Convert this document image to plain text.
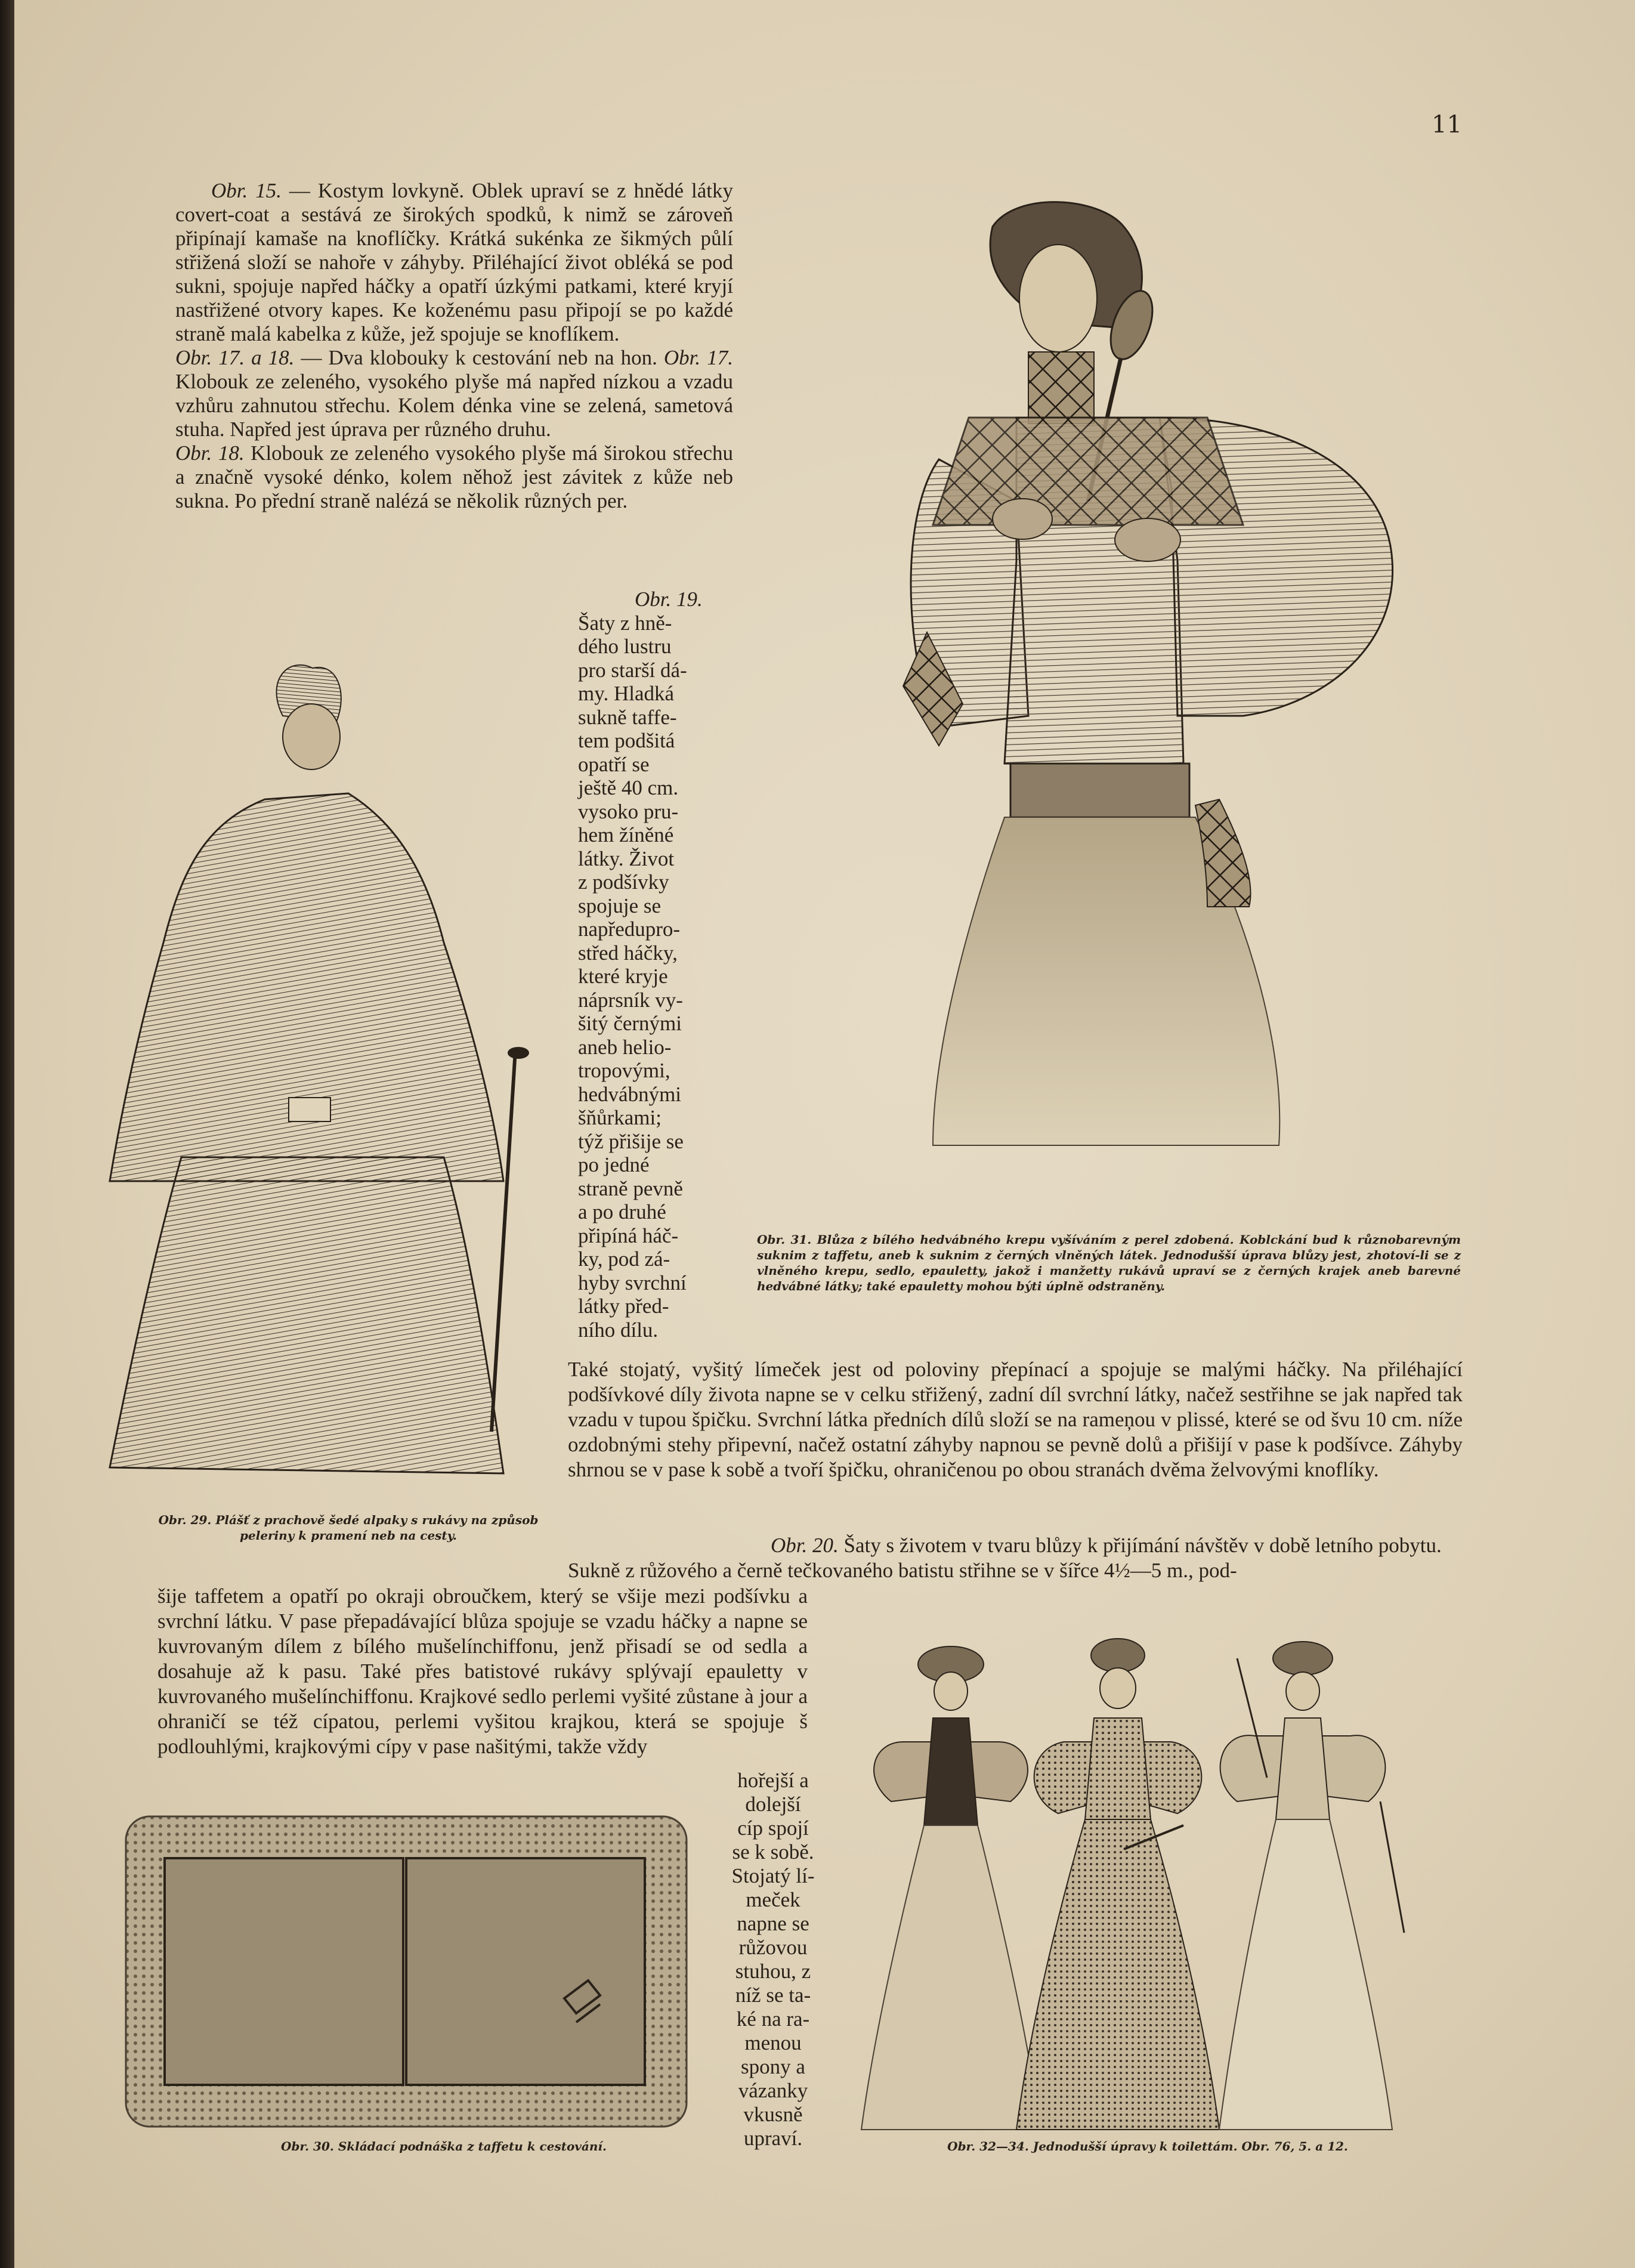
11

Obr. 15. — Kostym lovkyně. Oblek upraví se z hnědé látky covert-coat a sestává ze širokých spodků, k nimž se zároveň připínají kamaše na knoflíčky. Krátká sukénka ze šikmých půlí střižená složí se nahoře v záhyby. Přiléhající život obléká se pod sukni, spojuje napřed háčky a opatří úzkými patkami, které kryjí nastřižené otvory kapes. Ke koženému pasu připojí se po každé straně malá kabelka z kůže, jež spojuje se knoflíkem.

Obr. 17. a 18. — Dva klobouky k cestování neb na hon. Obr. 17. Klobouk ze zeleného, vysokého plyše má napřed nízkou a vzadu vzhůru zahnutou střechu. Kolem dénka vine se zelená, sametová stuha. Napřed jest úprava per různého druhu.

Obr. 18. Klobouk ze zeleného vysokého plyše má širokou střechu a značně vysoké dénko, kolem něhož jest závitek z kůže neb sukna. Po přední straně nalézá se několik různých per.

Obr. 19.
Šaty z hně-
dého lustru
pro starší dá-
my. Hladká
sukně taffe-
tem podšitá
opatří se
ještě 40 cm.
vysoko pru-
hem žíněné
látky. Život
z podšívky
spojuje se
napředupro-
střed háčky,
které kryje
náprsník vy-
šitý černými
aneb helio-
tropovými,
hedvábnými
šňůrkami;
týž přišije se
po jedné
straně pevně
a po druhé
připíná háč-
ky, pod zá-
hyby svrchní
látky před-
ního dílu.
Obr. 29. Plášť z prachově šedé alpaky s rukávy na způsob peleriny k pramení neb na cesty.
Obr. 31. Blůza z bílého hedvábného krepu vyšíváním z perel zdobená. Koblckání bud k různobarevným suknim z taffetu, aneb k suknim z černých vlněných látek. Jednodušší úprava blůzy jest, zhotoví-li se z vlněného krepu, sedlo, epauletty, jakož i manžetty rukávů upraví se z černých krajek aneb barevné hedvábné látky; také epauletty mohou býti úplně odstraněny.
Také stojatý, vyšitý límeček jest od poloviny přepínací a spojuje se malými háčky. Na přiléhající podšívkové díly života napne se v celku střižený, zadní díl svrchní látky, načež sestřihne se jak napřed tak vzadu v tupou špičku. Svrchní látka předních dílů složí se na rameņou v plissé, které se od švu 10 cm. níže ozdobnými stehy připevní, načež ostatní záhyby napnou se pevně dolů a přišijí v pase k podšívce. Záhyby shrnou se v pase k sobě a tvoří špičku, ohraničenou po obou stranách dvěma želvovými knoflíky.

Obr. 20. Šaty s životem v tvaru blůzy k přijímání návštěv v době letního pobytu.

Sukně z růžového a černě tečkovaného batistu střihne se v šířce 4½—5 m., pod-

šije taffetem a opatří po okraji obroučkem, který se všije mezi podšívku a svrchní látku. V pase přepadávající blůza spojuje se vzadu háčky a napne se kuvrovaným dílem z bílého mušelínchiffonu, jenž přisadí se od sedla a dosahuje až k pasu. Také přes batistové rukávy splývají epauletty v kuvrovaného mušelínchiffonu. Krajkové sedlo perlemi vyšité zůstane à jour a ohraničí se též cípatou, perlemi vyšitou krajkou, která se spojuje š podlouhlými, krajkovými cípy v pase našitými, takže vždy
hořejší a
dolejší
cíp spojí
se k sobě.
Stojatý lí-
meček
napne se
růžovou
stuhou, z
níž se ta-
ké na ra-
menou
spony a
vázanky
vkusně
upraví.
Obr. 30. Skládací podnáška z taffetu k cestování.	Obr. 32—34. Jednodušší úpravy k toilettám. Obr. 76, 5. a 12.
